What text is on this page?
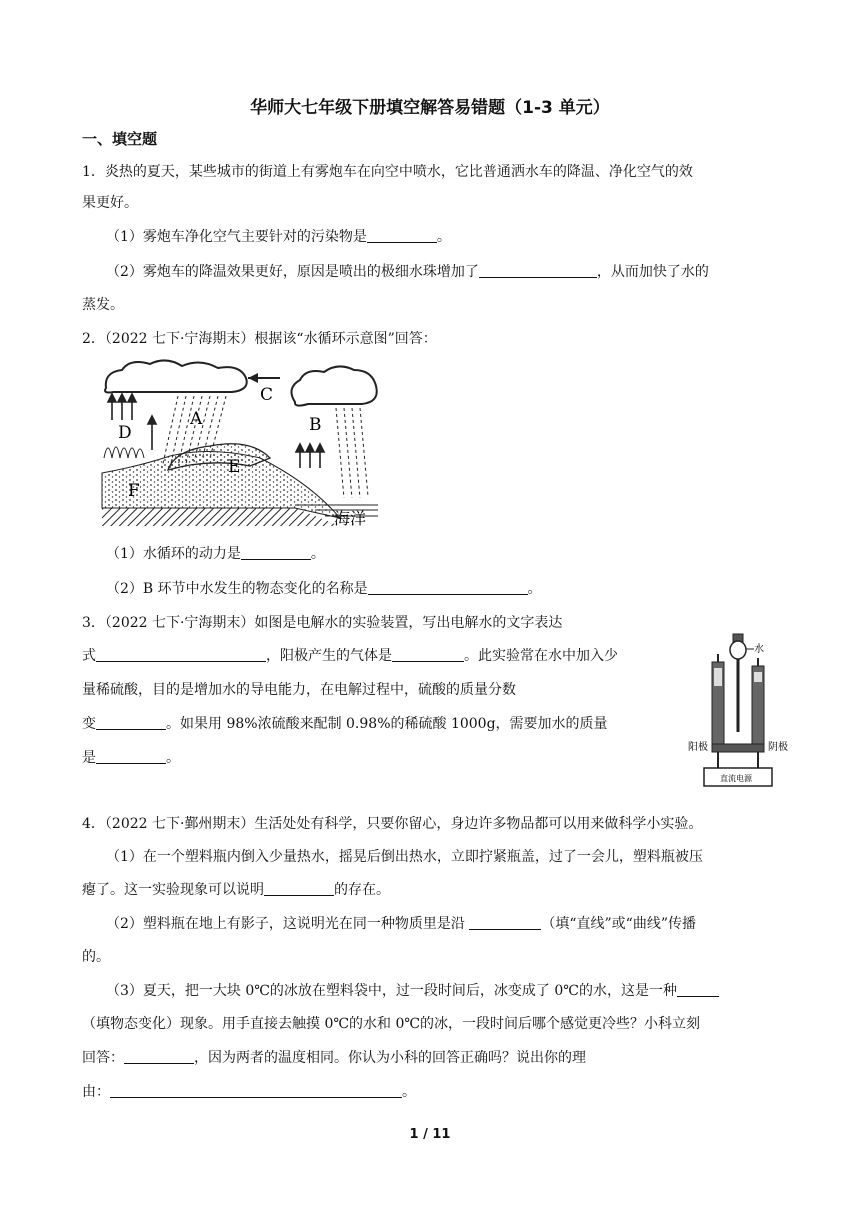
华师大七年级下册填空解答易错题（1-3 单元）
一、填空题
1．炎热的夏天，某些城市的街道上有雾炮车在向空中喷水，它比普通洒水车的降温、净化空气的效
果更好。
（1）雾炮车净化空气主要针对的污染物是	。
（2）雾炮车的降温效果更好，原因是喷出的极细水珠增加了	，从而加快了水的
蒸发。
2．（2022 七下·宁海期末）根据该“水循环示意图”回答：
海洋
A	B
C
D
E
F
（1）水循环的动力是	。
（2）B 环节中水发生的物态变化的名称是	。
3．（2022 七下·宁海期末）如图是电解水的实验装置，写出电解水的文字表达
式	，阳极产生的气体是	。此实验常在水中加入少
量稀硫酸，目的是增加水的导电能力，在电解过程中，硫酸的质量分数
变	。如果用 98%浓硫酸来配制 0.98%的稀硫酸 1000g，需要加水的质量
是	。
水
直流电源
阳极	阴极
4．（2022 七下·鄞州期末）生活处处有科学，只要你留心，身边许多物品都可以用来做科学小实验。
（1）在一个塑料瓶内倒入少量热水，摇晃后倒出热水，立即拧紧瓶盖，过了一会儿，塑料瓶被压
瘪了。这一实验现象可以说明	的存在。
（2）塑料瓶在地上有影子，这说明光在同一种物质里是沿	（填“直线”或“曲线”传播
的。
（3）夏天，把一大块 0℃的冰放在塑料袋中，过一段时间后，冰变成了 0℃的水，这是一种
（填物态变化）现象。用手直接去触摸 0℃的水和 0℃的冰，一段时间后哪个感觉更冷些？小科立刻
回答：	，因为两者的温度相同。你认为小科的回答正确吗？说出你的理
由：	。
1 / 11
